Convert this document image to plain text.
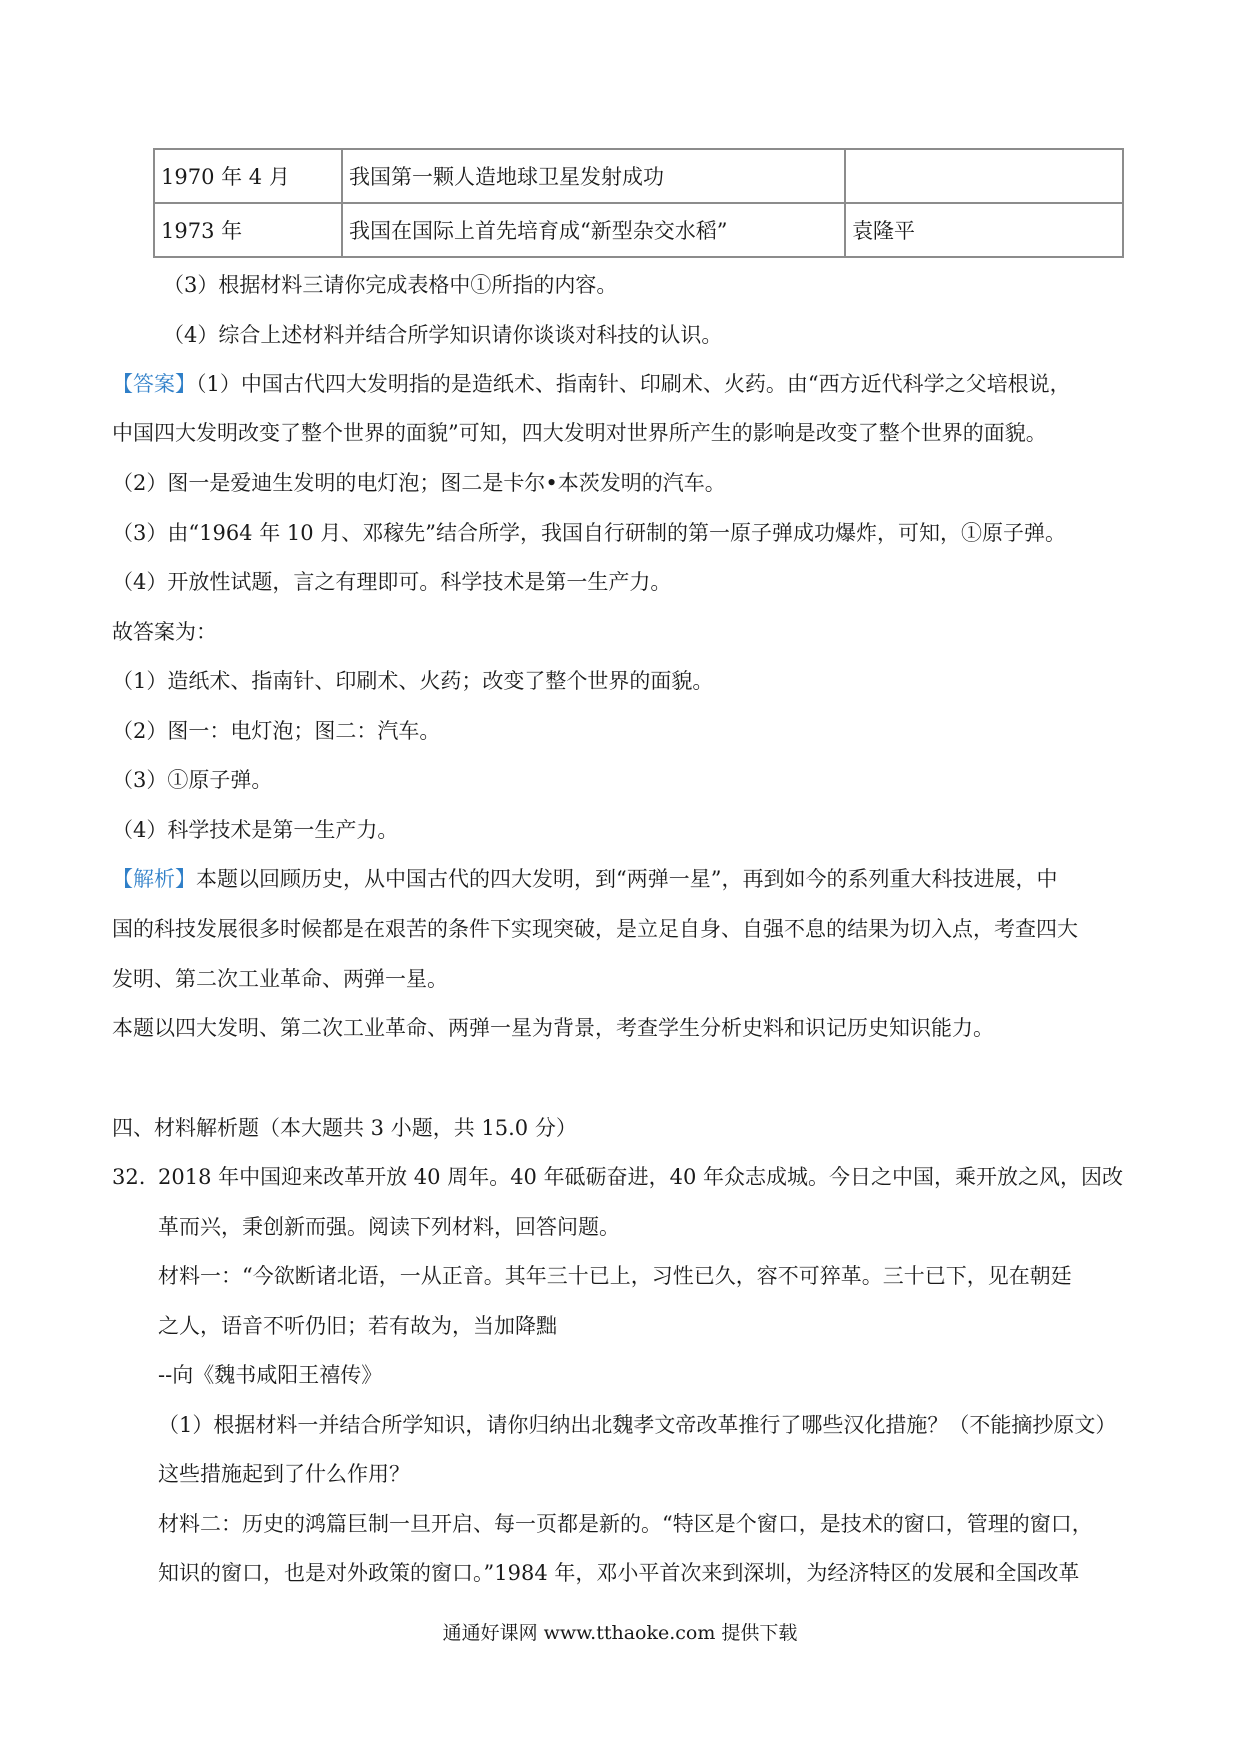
1970 年 4 月	我国第一颗人造地球卫星发射成功	
1973 年	我国在国际上首先培育成“新型杂交水稻”	袁隆平
（3）根据材料三请你完成表格中①所指的内容。
（4）综合上述材料并结合所学知识请你谈谈对科技的认识。
【答案】（1）中国古代四大发明指的是造纸术、指南针、印刷术、火药。由“西方近代科学之父培根说，
中国四大发明改变了整个世界的面貌”可知，四大发明对世界所产生的影响是改变了整个世界的面貌。
（2）图一是爱迪生发明的电灯泡；图二是卡尔•本茨发明的汽车。
（3）由“1964 年 10 月、邓稼先”结合所学，我国自行研制的第一原子弹成功爆炸，可知，①原子弹。
（4）开放性试题，言之有理即可。科学技术是第一生产力。
故答案为：
（1）造纸术、指南针、印刷术、火药；改变了整个世界的面貌。
（2）图一：电灯泡；图二：汽车。
（3）①原子弹。
（4）科学技术是第一生产力。
【解析】本题以回顾历史，从中国古代的四大发明，到“两弹一星”，再到如今的系列重大科技进展，中
国的科技发展很多时候都是在艰苦的条件下实现突破，是立足自身、自强不息的结果为切入点，考查四大
发明、第二次工业革命、两弹一星。
本题以四大发明、第二次工业革命、两弹一星为背景，考查学生分析史料和识记历史知识能力。
四、材料解析题（本大题共 3 小题，共 15.0 分）
32. 2018 年中国迎来改革开放 40 周年。40 年砥砺奋进，40 年众志成城。今日之中国，乘开放之风，因改
革而兴，秉创新而强。阅读下列材料，回答问题。
材料一：“今欲断诸北语，一从正音。其年三十已上，习性已久，容不可猝革。三十已下，见在朝廷
之人，语音不听仍旧；若有故为，当加降黜
--向《魏书咸阳王禧传》
（1）根据材料一并结合所学知识，请你归纳出北魏孝文帝改革推行了哪些汉化措施？（不能摘抄原文）
这些措施起到了什么作用？
材料二：历史的鸿篇巨制一旦开启、每一页都是新的。“特区是个窗口，是技术的窗口，管理的窗口，
知识的窗口，也是对外政策的窗口。”1984 年，邓小平首次来到深圳，为经济特区的发展和全国改革
通通好课网 www.tthaoke.com 提供下载
